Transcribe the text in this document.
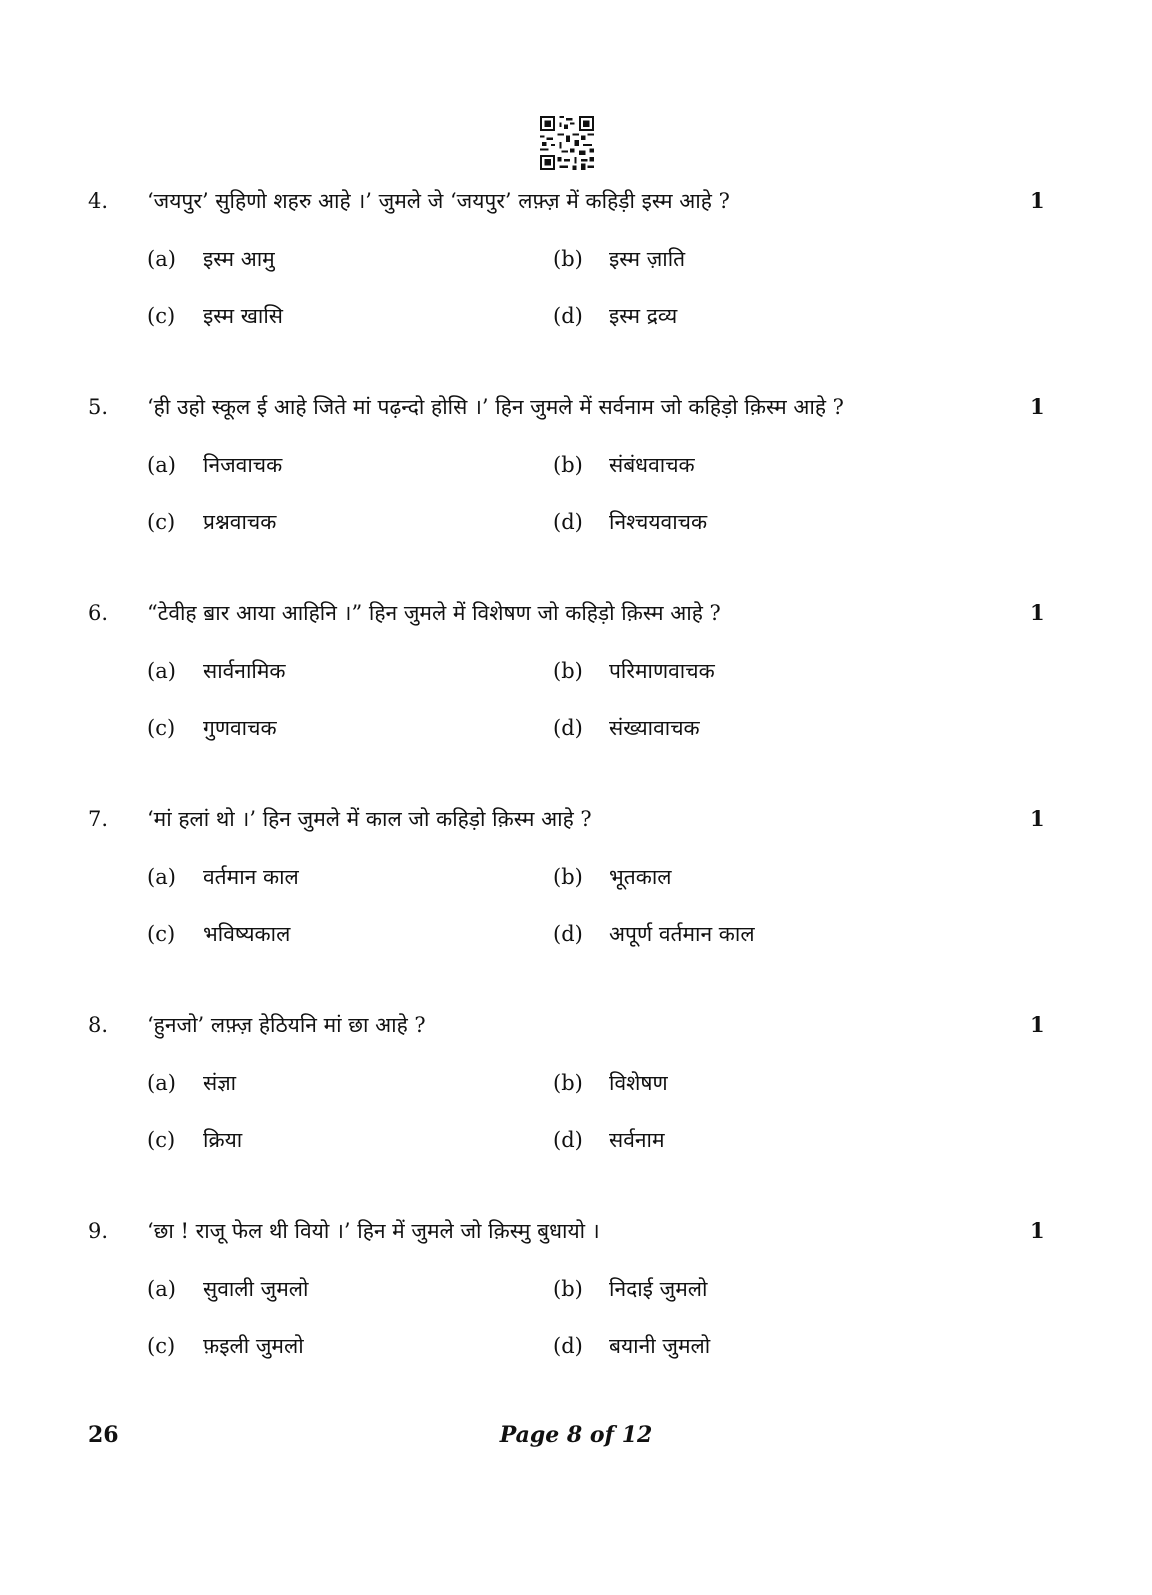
4. ‘जयपुर’ सुहिणो शहरु आहे ।’ जुमले जे ‘जयपुर’ लफ़्ज़ में कहिड़ी इस्म आहे ?	1
(a) इस्म आमु	(b) इस्म ज़ाति
(c) इस्म खासि	(d) इस्म द्रव्य
5. ‘ही उहो स्कूल ई आहे जिते मां पढ़न्दो होसि ।’ हिन जुमले में सर्वनाम जो कहिड़ो क़िस्म आहे ?	1
(a) निजवाचक	(b) संबंधवाचक
(c) प्रश्नवाचक	(d) निश्चयवाचक
6. “टेवीह ॿार आया आहिनि ।” हिन जुमले में विशेषण जो कहिड़ो क़िस्म आहे ?	1
(a) सार्वनामिक	(b) परिमाणवाचक
(c) गुणवाचक	(d) संख्यावाचक
7. ‘मां हलां थो ।’ हिन जुमले में काल जो कहिड़ो क़िस्म आहे ?	1
(a) वर्तमान काल	(b) भूतकाल
(c) भविष्यकाल	(d) अपूर्ण वर्तमान काल
8. ‘हुनजो’ लफ़्ज़ हेठियनि मां छा आहे ?	1
(a) संज्ञा	(b) विशेषण
(c) क्रिया	(d) सर्वनाम
9. ‘छा ! राजू फेल थी वियो ।’ हिन में जुमले जो क़िस्मु बुधायो ।	1
(a) सुवाली जुमलो	(b) निदाई जुमलो
(c) फ़इली जुमलो	(d) बयानी जुमलो
26	Page 8 of 12
